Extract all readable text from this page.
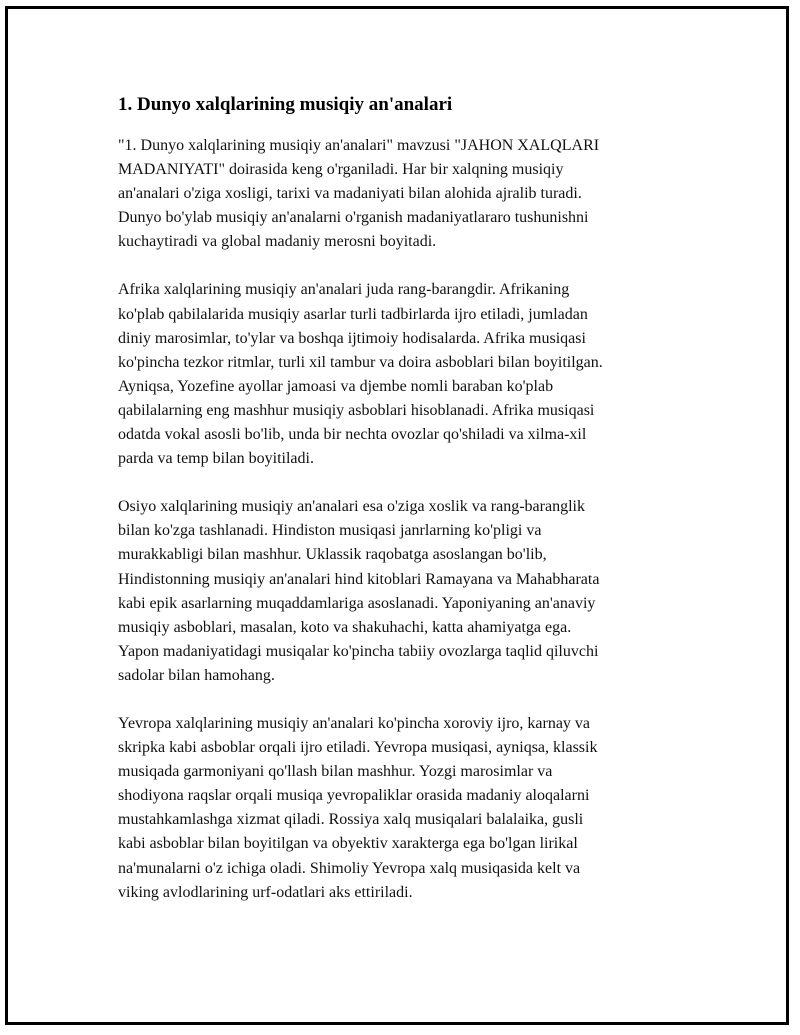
1. Dunyo xalqlarining musiqiy an'analari

"1. Dunyo xalqlarining musiqiy an'analari" mavzusi "JAHON XALQLARI
MADANIYATI" doirasida keng o'rganiladi. Har bir xalqning musiqiy
an'analari o'ziga xosligi, tarixi va madaniyati bilan alohida ajralib turadi.
Dunyo bo'ylab musiqiy an'analarni o'rganish madaniyatlararo tushunishni
kuchaytiradi va global madaniy merosni boyitadi.

Afrika xalqlarining musiqiy an'analari juda rang-barangdir. Afrikaning
ko'plab qabilalarida musiqiy asarlar turli tadbirlarda ijro etiladi, jumladan
diniy marosimlar, to'ylar va boshqa ijtimoiy hodisalarda. Afrika musiqasi
ko'pincha tezkor ritmlar, turli xil tambur va doira asboblari bilan boyitilgan.
Ayniqsa, Yozefine ayollar jamoasi va djembe nomli baraban ko'plab
qabilalarning eng mashhur musiqiy asboblari hisoblanadi. Afrika musiqasi
odatda vokal asosli bo'lib, unda bir nechta ovozlar qo'shiladi va xilma-xil
parda va temp bilan boyitiladi.

Osiyo xalqlarining musiqiy an'analari esa o'ziga xoslik va rang-baranglik
bilan ko'zga tashlanadi. Hindiston musiqasi janrlarning ko'pligi va
murakkabligi bilan mashhur. Uklassik raqobatga asoslangan bo'lib,
Hindistonning musiqiy an'analari hind kitoblari Ramayana va Mahabharata
kabi epik asarlarning muqaddamlariga asoslanadi. Yaponiyaning an'anaviy
musiqiy asboblari, masalan, koto va shakuhachi, katta ahamiyatga ega.
Yapon madaniyatidagi musiqalar ko'pincha tabiiy ovozlarga taqlid qiluvchi
sadolar bilan hamohang.

Yevropa xalqlarining musiqiy an'analari ko'pincha xoroviy ijro, karnay va
skripka kabi asboblar orqali ijro etiladi. Yevropa musiqasi, ayniqsa, klassik
musiqada garmoniyani qo'llash bilan mashhur. Yozgi marosimlar va
shodiyona raqslar orqali musiqa yevropaliklar orasida madaniy aloqalarni
mustahkamlashga xizmat qiladi. Rossiya xalq musiqalari balalaika, gusli
kabi asboblar bilan boyitilgan va obyektiv xarakterga ega bo'lgan lirikal
na'munalarni o'z ichiga oladi. Shimoliy Yevropa xalq musiqasida kelt va
viking avlodlarining urf-odatlari aks ettiriladi.
